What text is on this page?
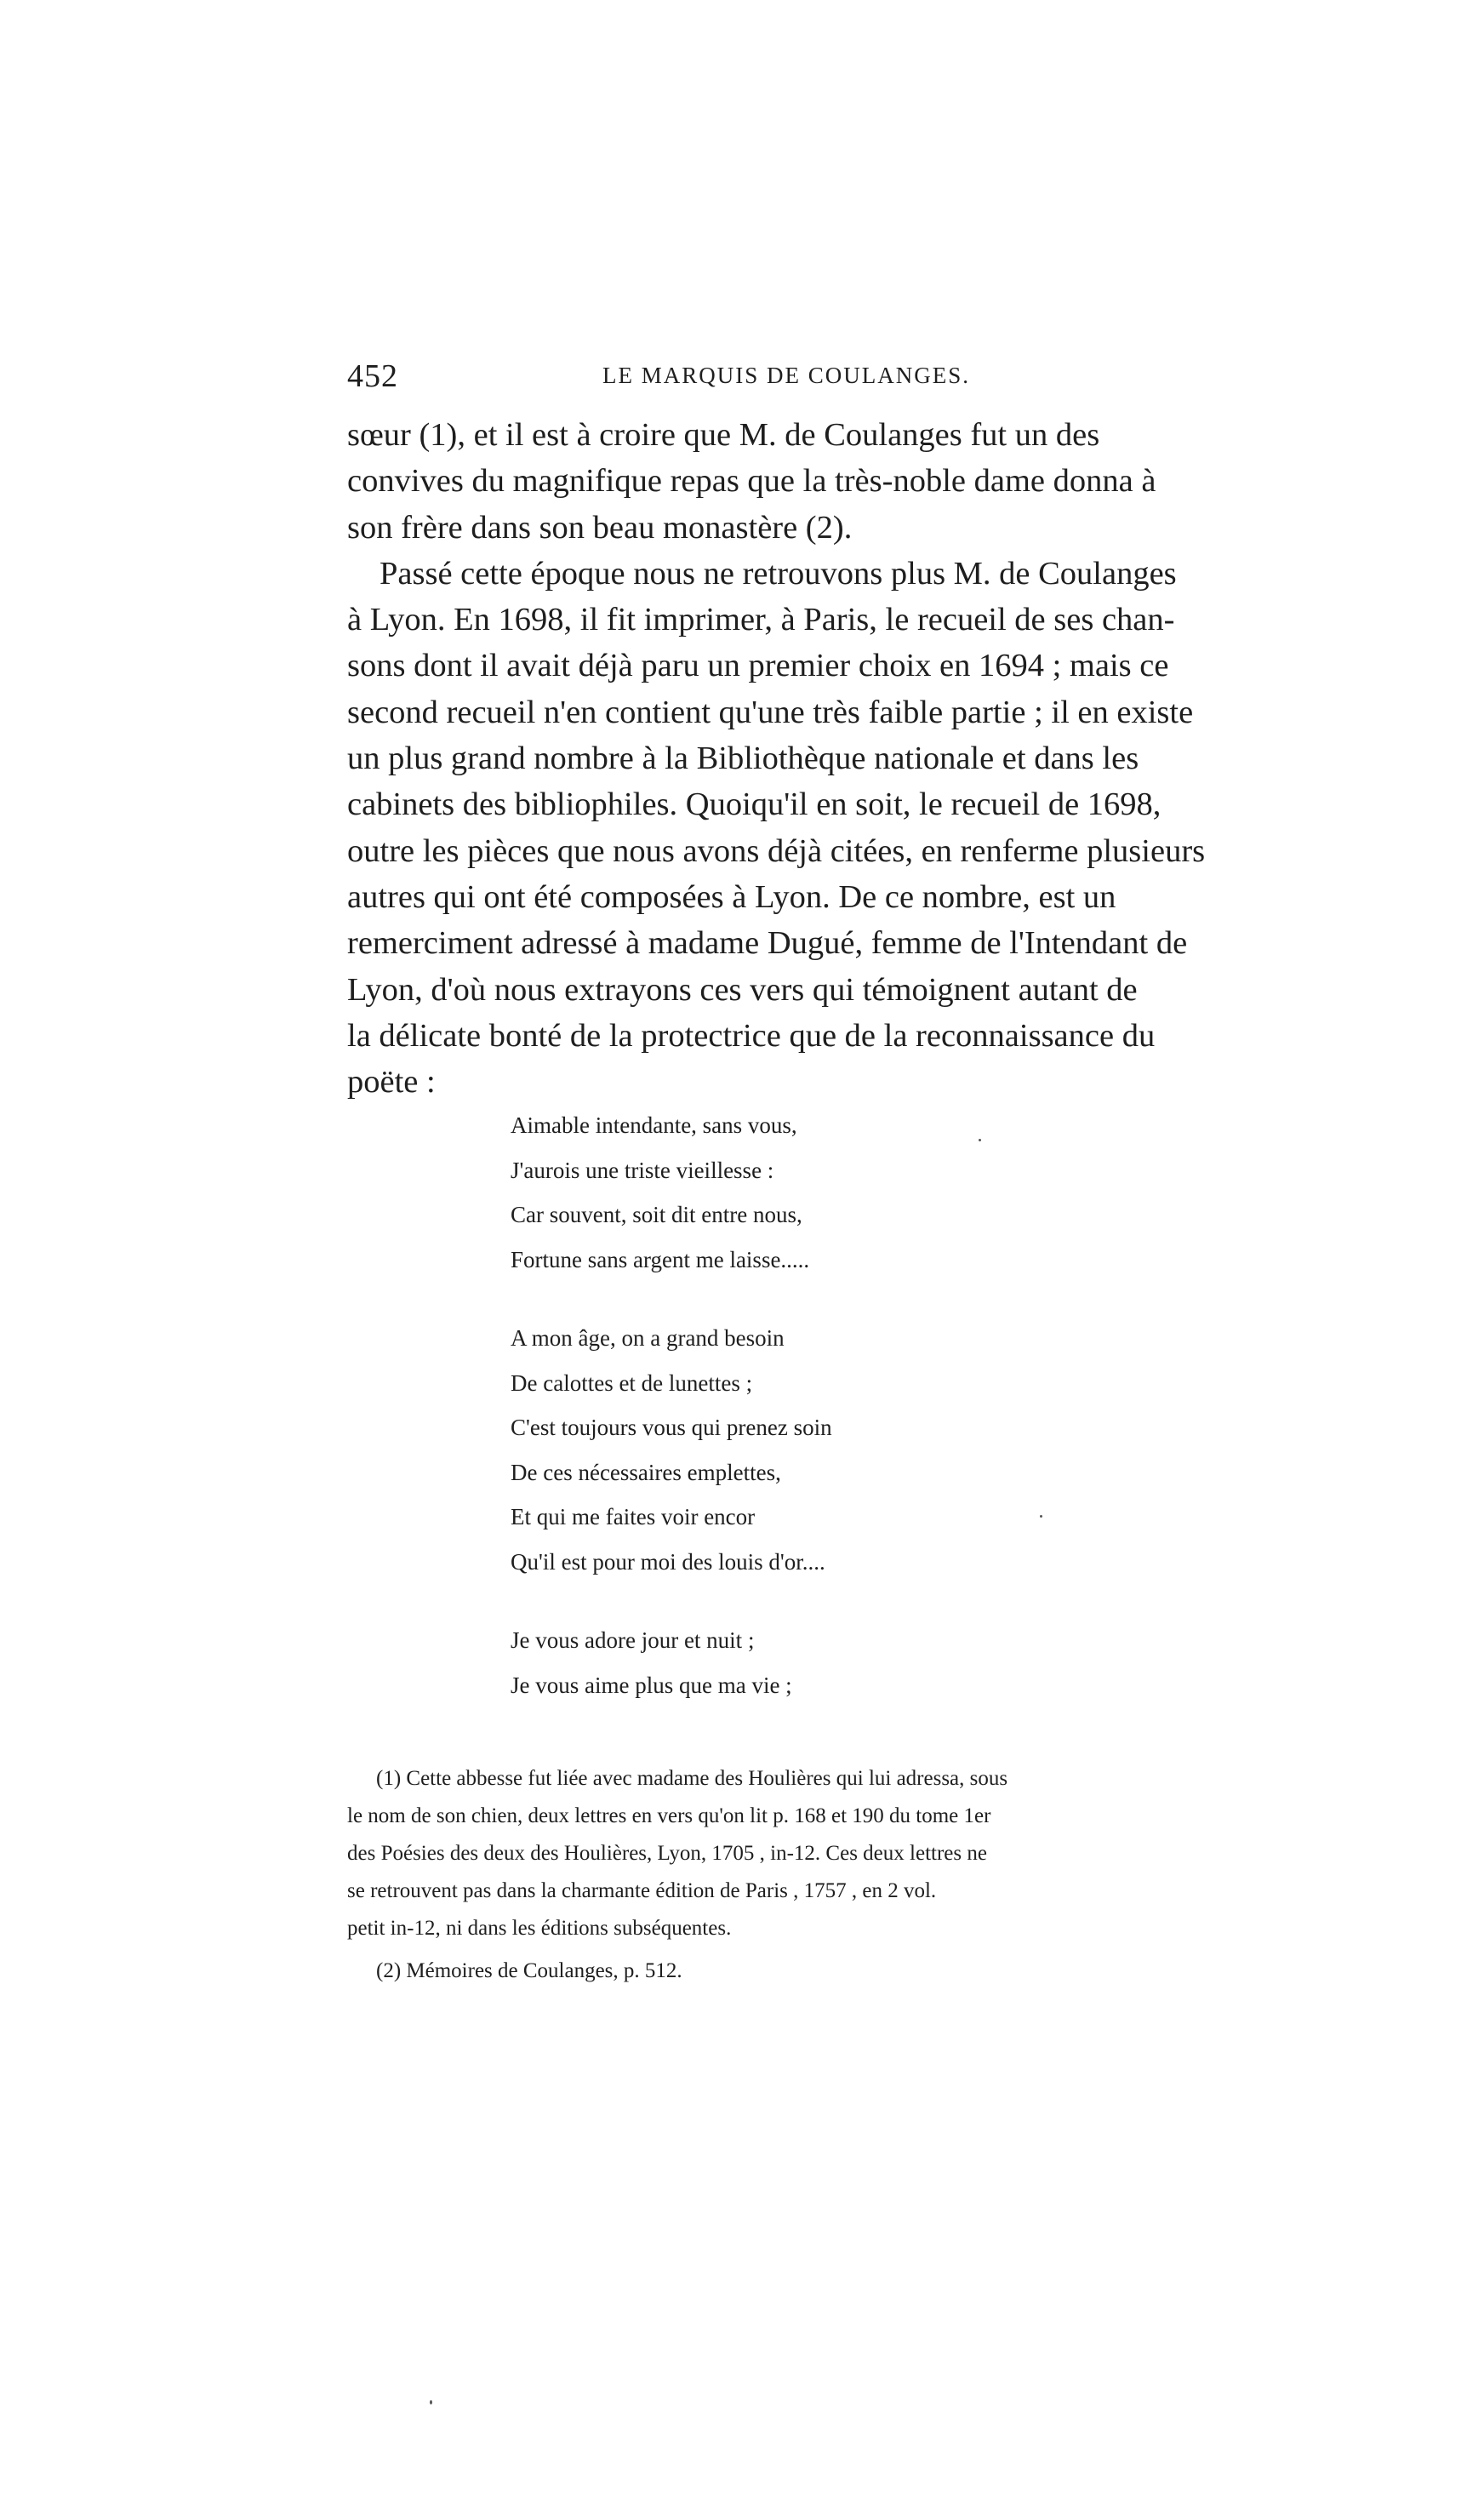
452	LE MARQUIS DE COULANGES.

sœur (1), et il est à croire que M. de Coulanges fut un des
convives du magnifique repas que la très-noble dame donna à
son frère dans son beau monastère (2).

Passé cette époque nous ne retrouvons plus M. de Coulanges
à Lyon. En 1698, il fit imprimer, à Paris, le recueil de ses chan-
sons dont il avait déjà paru un premier choix en 1694 ; mais ce
second recueil n'en contient qu'une très faible partie ; il en existe
un plus grand nombre à la Bibliothèque nationale et dans les
cabinets des bibliophiles. Quoiqu'il en soit, le recueil de 1698,
outre les pièces que nous avons déjà citées, en renferme plusieurs
autres qui ont été composées à Lyon. De ce nombre, est un
remerciment adressé à madame Dugué, femme de l'Intendant de
Lyon, d'où nous extrayons ces vers qui témoignent autant de
la délicate bonté de la protectrice que de la reconnaissance du
poëte :

Aimable intendante, sans vous,
J'aurois une triste vieillesse :
Car souvent, soit dit entre nous,
Fortune sans argent me laisse.....
A mon âge, on a grand besoin
De calottes et de lunettes ;
C'est toujours vous qui prenez soin
De ces nécessaires emplettes,
Et qui me faites voir encor
Qu'il est pour moi des louis d'or....
Je vous adore jour et nuit ;
Je vous aime plus que ma vie ;
(1) Cette abbesse fut liée avec madame des Houlières qui lui adressa, sous
le nom de son chien, deux lettres en vers qu'on lit p. 168 et 190 du tome 1er
des Poésies des deux des Houlières, Lyon, 1705 , in-12. Ces deux lettres ne
se retrouvent pas dans la charmante édition de Paris , 1757 , en 2 vol.
petit in-12, ni dans les éditions subséquentes.
(2) Mémoires de Coulanges, p. 512.
